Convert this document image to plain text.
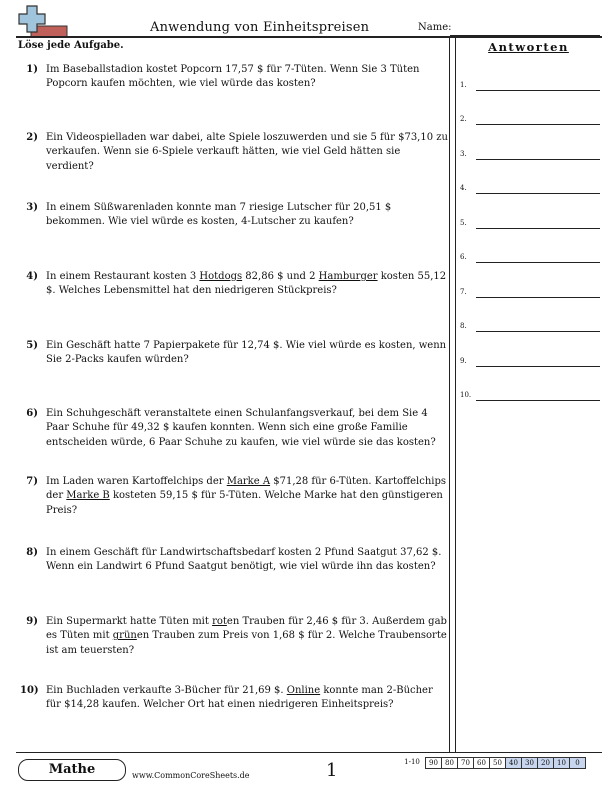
Anwendung von Einheitspreisen	Name:
Löse jede Aufgabe.	Antworten
1.
2.
3.
4.
5.
6.
7.
8.
9.
10.
1) Im Baseballstadion kostet Popcorn 17,57 $ für 7-Tüten. Wenn Sie 3 Tüten Popcorn kaufen möchten, wie viel würde das kosten?
2) Ein Videospielladen war dabei, alte Spiele loszuwerden und sie 5 für $73,10 zu verkaufen. Wenn sie 6-Spiele verkauft hätten, wie viel Geld hätten sie verdient?
3) In einem Süßwarenladen konnte man 7 riesige Lutscher für 20,51 $ bekommen. Wie viel würde es kosten, 4-Lutscher zu kaufen?
4) In einem Restaurant kosten 3 Hotdogs 82,86 $ und 2 Hamburger kosten 55,12 $. Welches Lebensmittel hat den niedrigeren Stückpreis?
5) Ein Geschäft hatte 7 Papierpakete für 12,74 $. Wie viel würde es kosten, wenn Sie 2-Packs kaufen würden?
6) Ein Schuhgeschäft veranstaltete einen Schulanfangsverkauf, bei dem Sie 4 Paar Schuhe für 49,32 $ kaufen konnten. Wenn sich eine große Familie entscheiden würde, 6 Paar Schuhe zu kaufen, wie viel würde sie das kosten?
7) Im Laden waren Kartoffelchips der Marke A $71,28 für 6-Tüten. Kartoffelchips der Marke B kosteten 59,15 $ für 5-Tüten. Welche Marke hat den günstigeren Preis?
8) In einem Geschäft für Landwirtschaftsbedarf kosten 2 Pfund Saatgut 37,62 $. Wenn ein Landwirt 6 Pfund Saatgut benötigt, wie viel würde ihn das kosten?
9) Ein Supermarkt hatte Tüten mit roten Trauben für 2,46 $ für 3. Außerdem gab es Tüten mit grünen Trauben zum Preis von 1,68 $ für 2. Welche Traubensorte ist am teuersten?
10) Ein Buchladen verkaufte 3-Bücher für 21,69 $. Online konnte man 2-Bücher für $14,28 kaufen. Welcher Ort hat einen niedrigeren Einheitspreis?
Mathe	www.CommonCoreSheets.de	1	1-10	90	80	70	60	50	40	30	20	10	0
